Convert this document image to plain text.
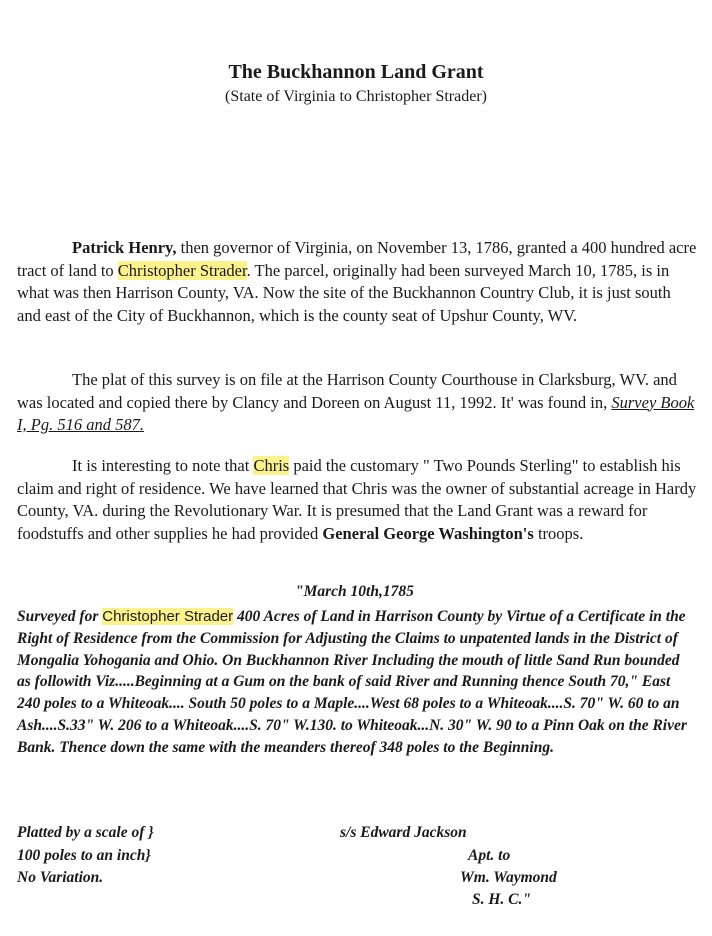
The Buckhannon Land Grant
(State of Virginia to Christopher Strader)

Patrick Henry, then governor of Virginia, on November 13, 1786, granted a 400 hundred acre tract of land to Christopher Strader. The parcel, originally had been surveyed March 10, 1785, is in what was then Harrison County, VA. Now the site of the Buckhannon Country Club, it is just south and east of the City of Buckhannon, which is the county seat of Upshur County, WV.

The plat of this survey is on file at the Harrison County Courthouse in Clarksburg, WV. and was located and copied there by Clancy and Doreen on August 11, 1992. It' was found in, Survey Book I, Pg. 516 and 587.

It is interesting to note that Chris paid the customary " Two Pounds Sterling" to establish his claim and right of residence. We have learned that Chris was the owner of substantial acreage in Hardy County, VA. during the Revolutionary War. It is presumed that the Land Grant was a reward for foodstuffs and other supplies he had provided General George Washington's troops.

"March 10th,1785

Surveyed for Christopher Strader 400 Acres of Land in Harrison County by Virtue of a Certificate in the Right of Residence from the Commission for Adjusting the Claims to unpatented lands in the District of Mongalia Yohogania and Ohio. On Buckhannon River Including the mouth of little Sand Run bounded as followith Viz.....Beginning at a Gum on the bank of said River and Running thence South 70," East 240 poles to a Whiteoak.... South 50 poles to a Maple....West 68 poles to a Whiteoak....S. 70" W. 60 to an Ash....S.33" W. 206 to a Whiteoak....S. 70" W.130. to Whiteoak...N. 30" W. 90 to a Pinn Oak on the River Bank. Thence down the same with the meanders thereof 348 poles to the Beginning.

Platted by a scale of }
100 poles to an inch}
No Variation.
s/s Edward Jackson
Apt. to
Wm. Waymond
S. H. C."
